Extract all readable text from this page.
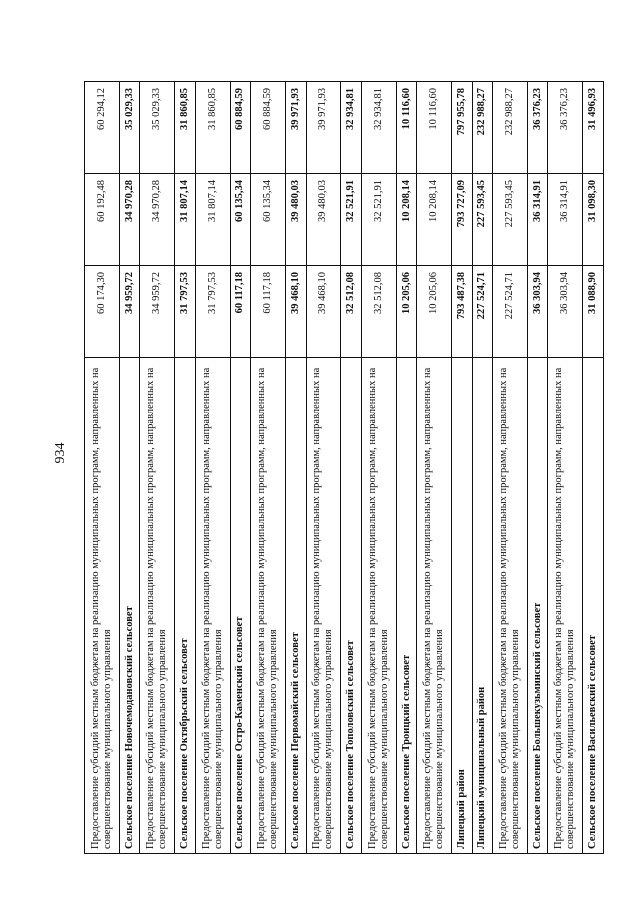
934	Предоставление субсидий местным бюджетам на реализацию муниципальных программ, направленных на совершенствование муниципального управления	60 174,30	60 192,48	60 294,12
Сельское поселение Новочемодановский сельсовет	34 959,72	34 970,28	35 029,33
Предоставление субсидий местным бюджетам на реализацию муниципальных программ, направленных на совершенствование муниципального управления	34 959,72	34 970,28	35 029,33
Сельское поселение Октябрьский сельсовет	31 797,53	31 807,14	31 860,85
Предоставление субсидий местным бюджетам на реализацию муниципальных программ, направленных на совершенствование муниципального управления	31 797,53	31 807,14	31 860,85
Сельское поселение Остро-Каменский сельсовет	60 117,18	60 135,34	60 884,59
Предоставление субсидий местным бюджетам на реализацию муниципальных программ, направленных на совершенствование муниципального управления	60 117,18	60 135,34	60 884,59
Сельское поселение Первомайский сельсовет	39 468,10	39 480,03	39 971,93
Предоставление субсидий местным бюджетам на реализацию муниципальных программ, направленных на совершенствование муниципального управления	39 468,10	39 480,03	39 971,93
Сельское поселение Тополовский сельсовет	32 512,08	32 521,91	32 934,81
Предоставление субсидий местным бюджетам на реализацию муниципальных программ, направленных на совершенствование муниципального управления	32 512,08	32 521,91	32 934,81
Сельское поселение Троицкий сельсовет	10 205,06	10 208,14	10 116,60
Предоставление субсидий местным бюджетам на реализацию муниципальных программ, направленных на совершенствование муниципального управления	10 205,06	10 208,14	10 116,60
Липецкий район	793 487,38	793 727,09	797 955,78
Липецкий муниципальный район	227 524,71	227 593,45	232 988,27
Предоставление субсидий местным бюджетам на реализацию муниципальных программ, направленных на совершенствование муниципального управления	227 524,71	227 593,45	232 988,27
Сельское поселение Большекузьминский сельсовет	36 303,94	36 314,91	36 376,23
Предоставление субсидий местным бюджетам на реализацию муниципальных программ, направленных на совершенствование муниципального управления	36 303,94	36 314,91	36 376,23
Сельское поселение Васильевский сельсовет	31 088,90	31 098,30	31 496,93
